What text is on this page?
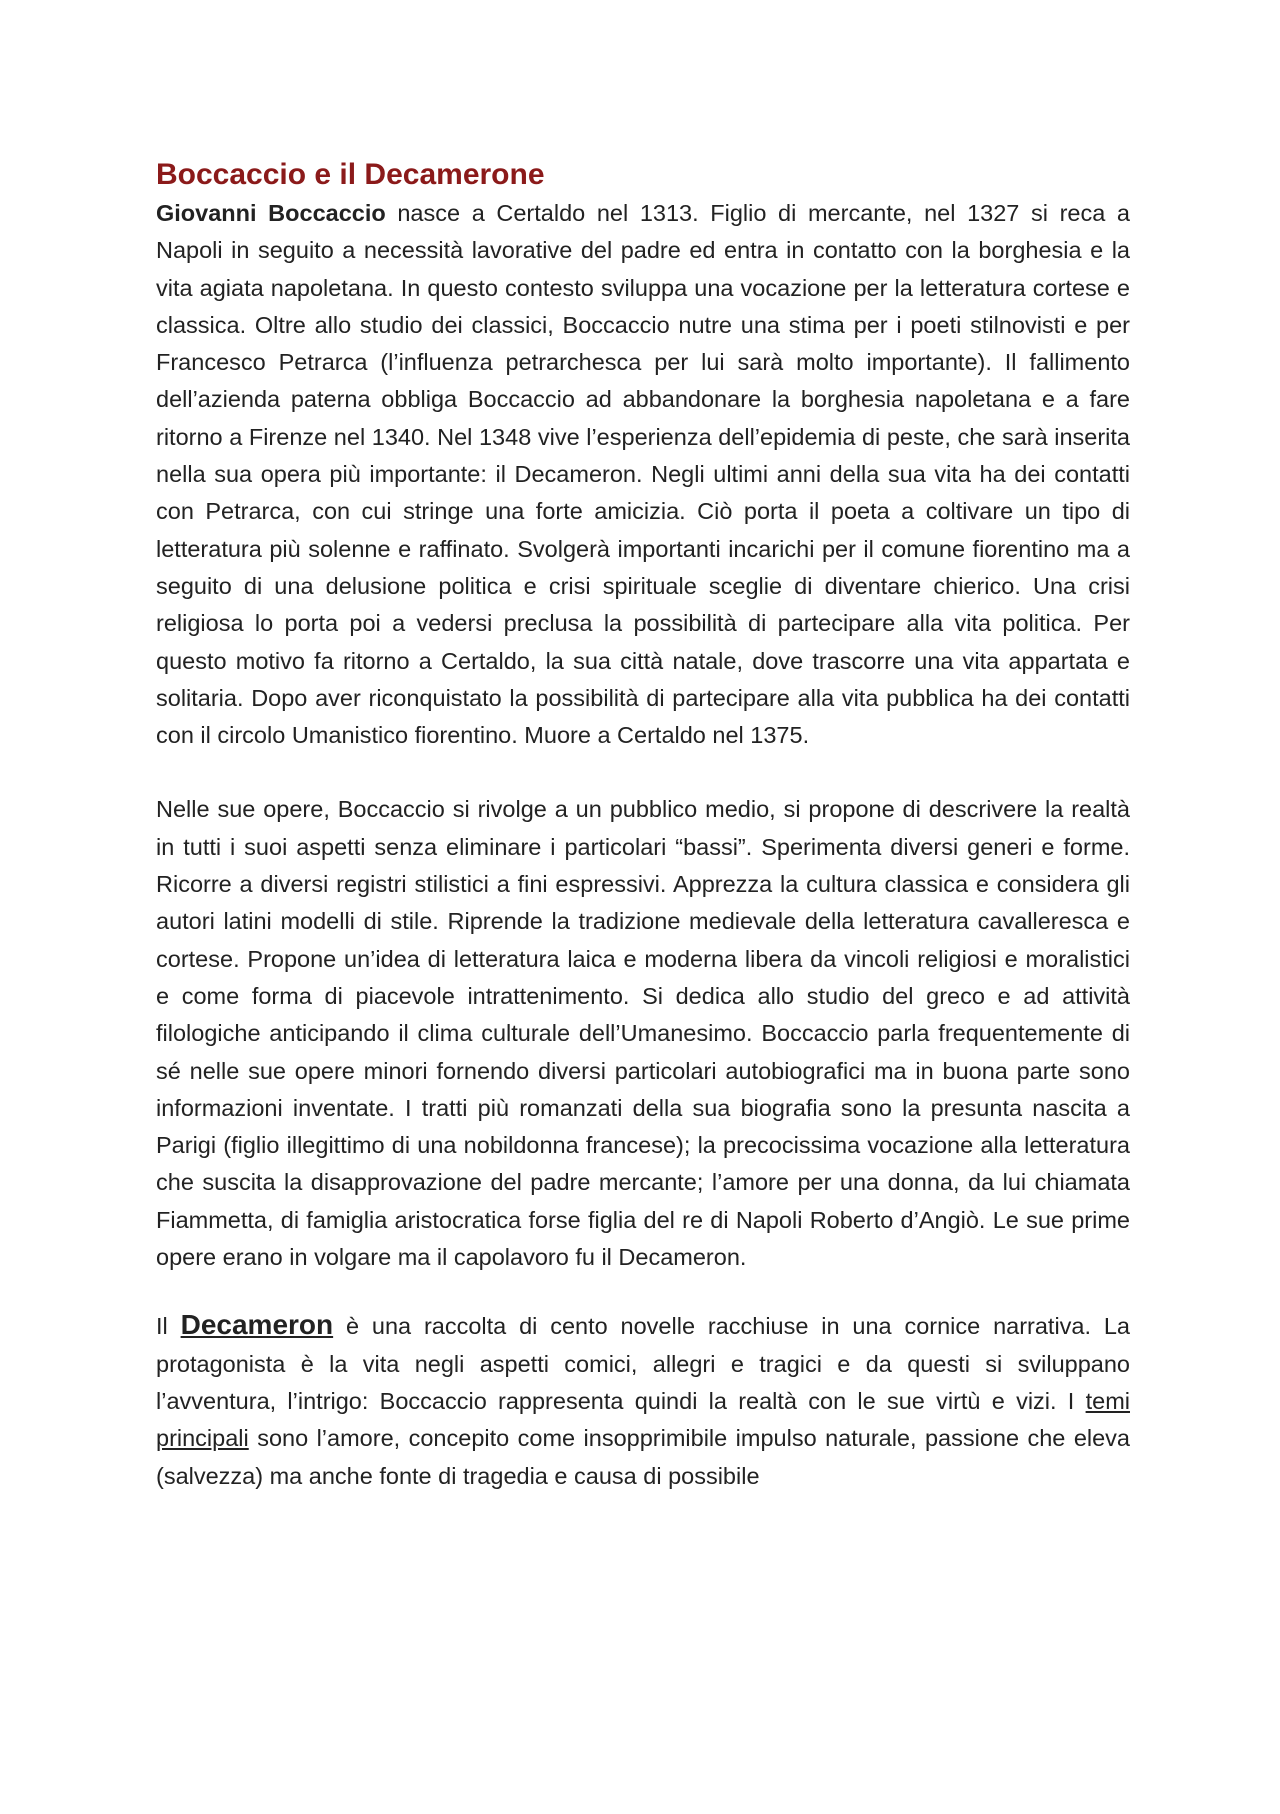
Boccaccio e il Decamerone

Giovanni Boccaccio nasce a Certaldo nel 1313. Figlio di mercante, nel 1327 si reca a Napoli in seguito a necessità lavorative del padre ed entra in contatto con la borghesia e la vita agiata napoletana. In questo contesto sviluppa una vocazione per la letteratura cortese e classica. Oltre allo studio dei classici, Boccaccio nutre una stima per i poeti stilnovisti e per Francesco Petrarca (l’influenza petrarchesca per lui sarà molto importante). Il fallimento dell’azienda paterna obbliga Boccaccio ad abbandonare la borghesia napoletana e a fare ritorno a Firenze nel 1340. Nel 1348 vive l’esperienza dell’epidemia di peste, che sarà inserita nella sua opera più importante: il Decameron. Negli ultimi anni della sua vita ha dei contatti con Petrarca, con cui stringe una forte amicizia. Ciò porta il poeta a coltivare un tipo di letteratura più solenne e raffinato. Svolgerà importanti incarichi per il comune fiorentino ma a seguito di una delusione politica e crisi spirituale sceglie di diventare chierico. Una crisi religiosa lo porta poi a vedersi preclusa la possibilità di partecipare alla vita politica. Per questo motivo fa ritorno a Certaldo, la sua città natale, dove trascorre una vita appartata e solitaria. Dopo aver riconquistato la possibilità di partecipare alla vita pubblica ha dei contatti con il circolo Umanistico fiorentino. Muore a Certaldo nel 1375.

Nelle sue opere, Boccaccio si rivolge a un pubblico medio, si propone di descrivere la realtà in tutti i suoi aspetti senza eliminare i particolari “bassi”. Sperimenta diversi generi e forme. Ricorre a diversi registri stilistici a fini espressivi. Apprezza la cultura classica e considera gli autori latini modelli di stile. Riprende la tradizione medievale della letteratura cavalleresca e cortese. Propone un’idea di letteratura laica e moderna libera da vincoli religiosi e moralistici e come forma di piacevole intrattenimento. Si dedica allo studio del greco e ad attività filologiche anticipando il clima culturale dell’Umanesimo. Boccaccio parla frequentemente di sé nelle sue opere minori fornendo diversi particolari autobiografici ma in buona parte sono informazioni inventate. I tratti più romanzati della sua biografia sono la presunta nascita a Parigi (figlio illegittimo di una nobildonna francese); la precocissima vocazione alla letteratura che suscita la disapprovazione del padre mercante; l’amore per una donna, da lui chiamata Fiammetta, di famiglia aristocratica forse figlia del re di Napoli Roberto d’Angiò. Le sue prime opere erano in volgare ma il capolavoro fu il Decameron.

Il Decameron è una raccolta di cento novelle racchiuse in una cornice narrativa. La protagonista è la vita negli aspetti comici, allegri e tragici e da questi si sviluppano l’avventura, l’intrigo: Boccaccio rappresenta quindi la realtà con le sue virtù e vizi. I temi principali sono l’amore, concepito come insopprimibile impulso naturale, passione che eleva (salvezza) ma anche fonte di tragedia e causa di possibile
